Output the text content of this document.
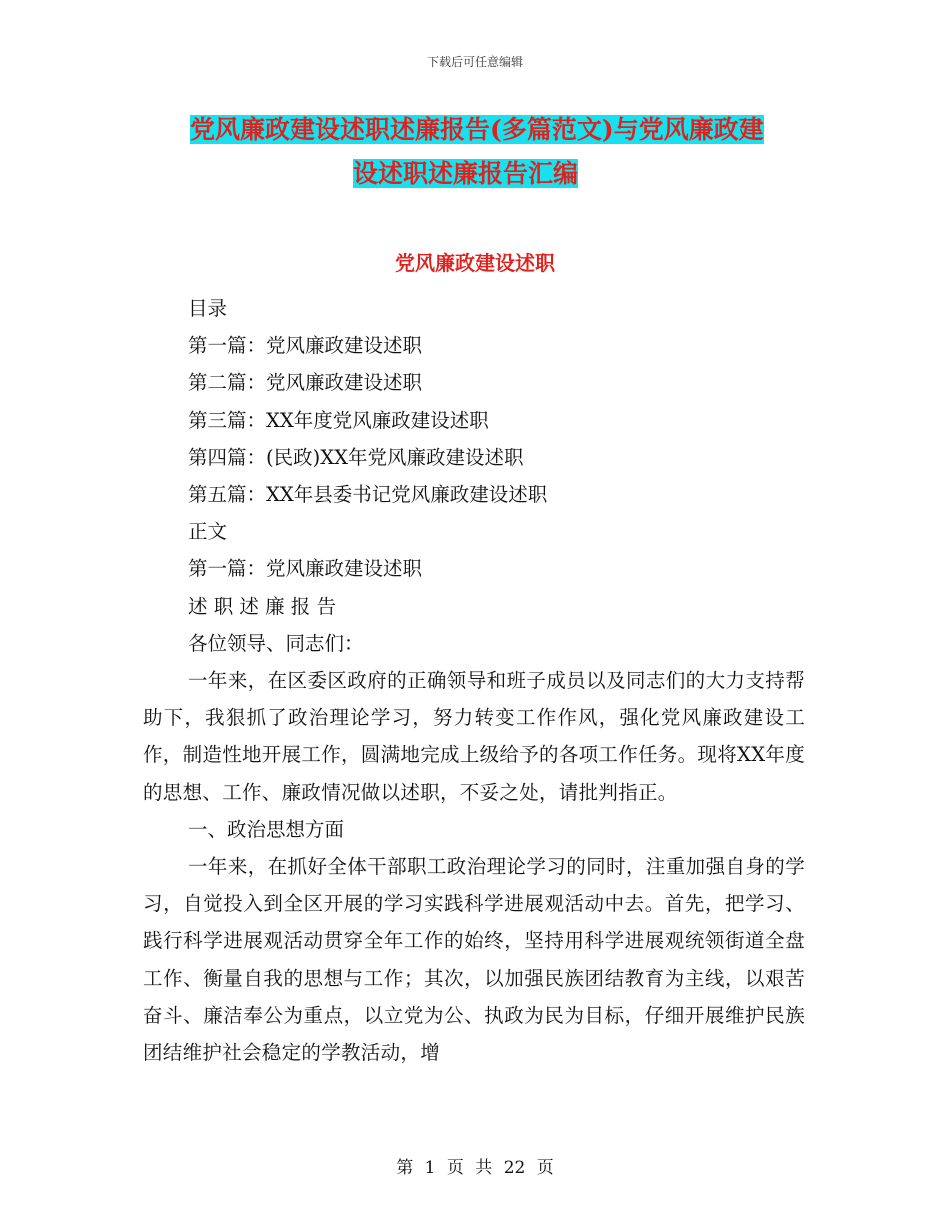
下载后可任意编辑
党风廉政建设述职述廉报告(多篇范文)与党风廉政建
设述职述廉报告汇编
党风廉政建设述职

目录

第一篇：党风廉政建设述职

第二篇：党风廉政建设述职

第三篇：XX年度党风廉政建设述职

第四篇：(民政)XX年党风廉政建设述职

第五篇：XX年县委书记党风廉政建设述职

正文

第一篇：党风廉政建设述职

述 职 述 廉 报 告

各位领导、同志们：

一年来，在区委区政府的正确领导和班子成员以及同志们的大力支持帮助下，我狠抓了政治理论学习，努力转变工作作风，强化党风廉政建设工作，制造性地开展工作，圆满地完成上级给予的各项工作任务。现将XX年度的思想、工作、廉政情况做以述职，不妥之处，请批判指正。

一、政治思想方面

一年来，在抓好全体干部职工政治理论学习的同时，注重加强自身的学习，自觉投入到全区开展的学习实践科学进展观活动中去。首先，把学习、践行科学进展观活动贯穿全年工作的始终，坚持用科学进展观统领街道全盘工作、衡量自我的思想与工作；其次，以加强民族团结教育为主线，以艰苦奋斗、廉洁奉公为重点，以立党为公、执政为民为目标，仔细开展维护民族团结维护社会稳定的学教活动，增

第 1 页 共 22 页
